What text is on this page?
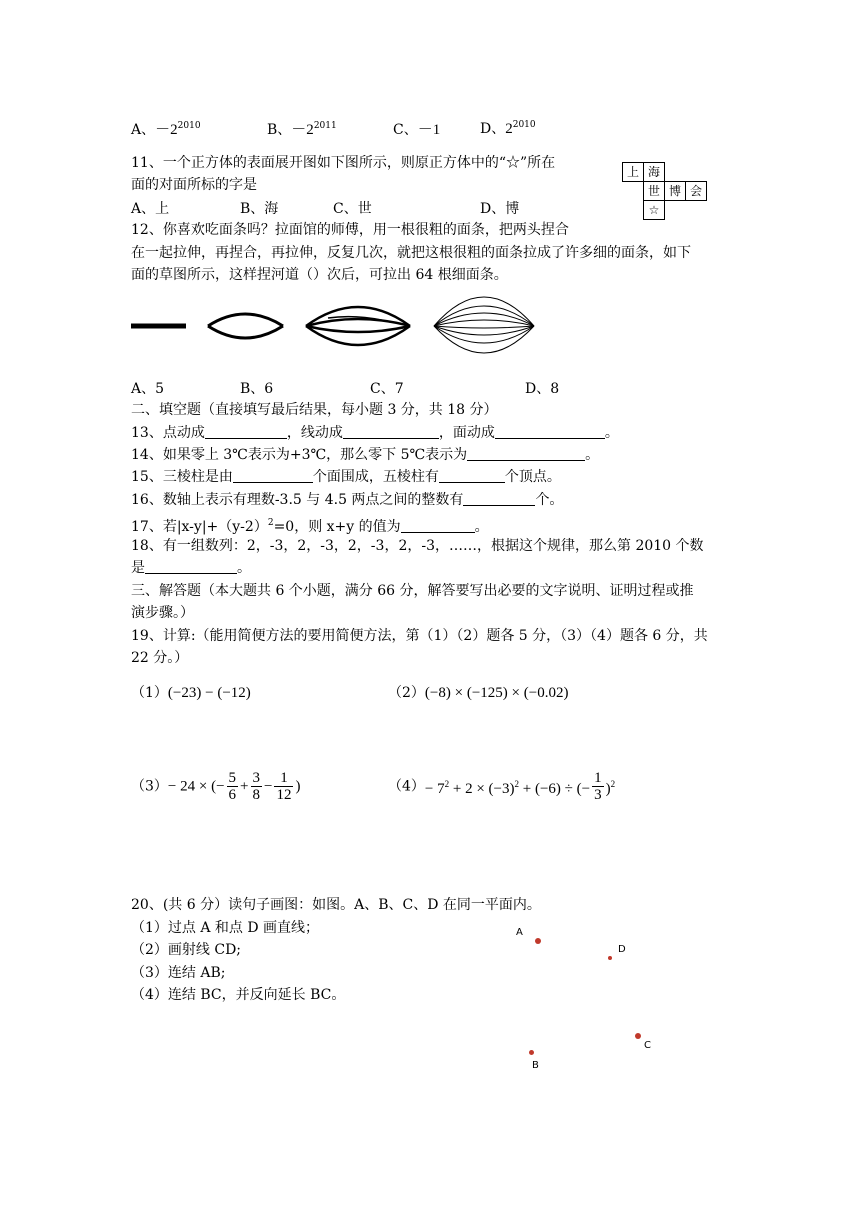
A、$-2^{2010}$	B、$-2^{2011}$	C、－1	D、$2^{2010}$
11、一个正方体的表面展开图如下图所示，则原正方体中的“☆”所在
面的对面所标的字是
A、上	B、海	C、世	D、博
上 海
世 博 会
☆
12、你喜欢吃面条吗？拉面馆的师傅，用一根很粗的面条，把两头捏合
在一起拉伸，再捏合，再拉伸，反复几次，就把这根很粗的面条拉成了许多细的面条，如下
面的草图所示，这样捏河道（）次后，可拉出 64 根细面条。
A、5	B、6	C、7	D、8
二、填空题（直接填写最后结果，每小题 3 分，共 18 分）
13、点动成	，线动成	，面动成	。
14、如果零上 3℃表示为+3℃，那么零下 5℃表示为	。
15、三棱柱是由	个面围成，五棱柱有	个顶点。
16、数轴上表示有理数-3.5 与 4.5 两点之间的整数有	个。
17、若$|x-y|+(y-2)^2=0$，则 x+y 的值为	。
18、有一组数列：2，-3，2，-3，2，-3，2，-3，……，根据这个规律，那么第 2010 个数
是	。
三、解答题（本大题共 6 个小题，满分 66 分，解答要写出必要的文字说明、证明过程或推
演步骤。）
19、计算:（能用简便方法的要用简便方法，第（1）（2）题各 5 分，（3）（4）题各 6 分，共
22 分。）
（1）(−23) − (−12)	（2）(−8) × (−125) × (−0.02)
（3）− 24 × (− $\frac{5}{6} + \frac{3}{8} - \frac{1}{12}$ )	$(4)- 7^2 + 2 \times (-3)^2 + (-6)$ ÷ (− $\frac{1}{3} )^2$
20、(共 6 分）读句子画图：如图。A、B、C、D 在同一平面内。
（1）过点 A 和点 D 画直线；
（2）画射线 CD;
（3）连结 AB;
（4）连结 BC，并反向延长 BC。
A
D
C
B
